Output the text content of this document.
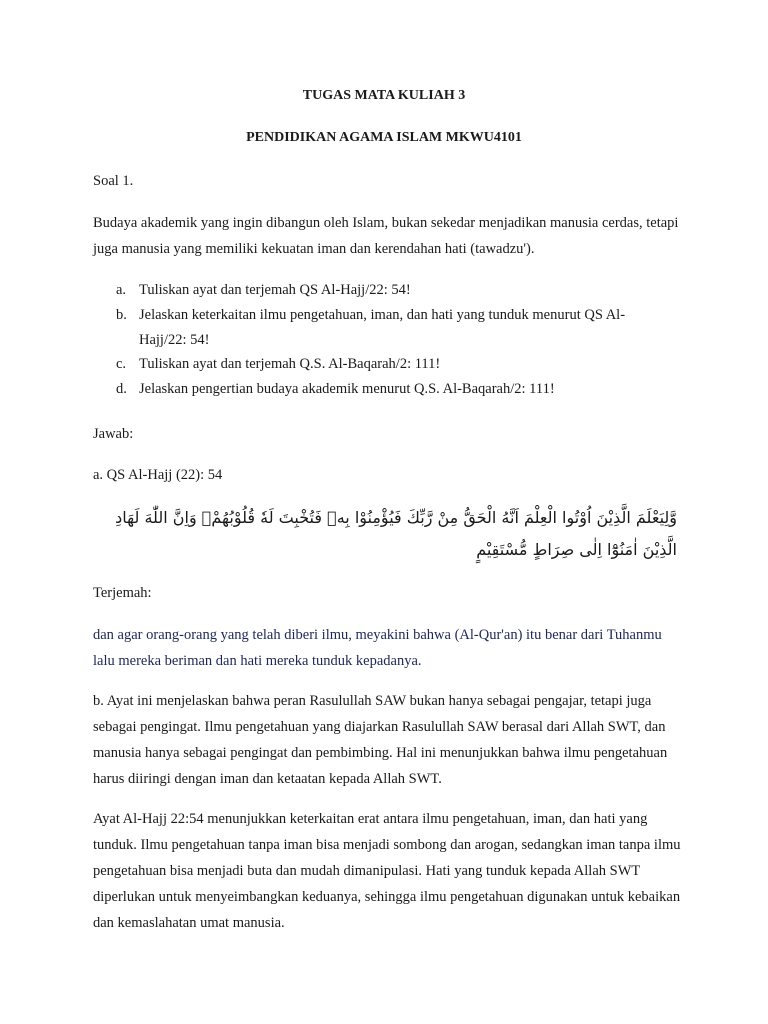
TUGAS MATA KULIAH 3
PENDIDIKAN AGAMA ISLAM MKWU4101
Soal 1.
Budaya akademik yang ingin dibangun oleh Islam, bukan sekedar menjadikan manusia cerdas, tetapi juga manusia yang memiliki kekuatan iman dan kerendahan hati (tawadzu').
a. Tuliskan ayat dan terjemah QS Al-Hajj/22: 54!
b. Jelaskan keterkaitan ilmu pengetahuan, iman, dan hati yang tunduk menurut QS Al-Hajj/22: 54!
c. Tuliskan ayat dan terjemah Q.S. Al-Baqarah/2: 111!
d. Jelaskan pengertian budaya akademik menurut Q.S. Al-Baqarah/2: 111!
Jawab:
a. QS Al-Hajj (22): 54
وَّلِيَعْلَمَ الَّذِيْنَ اُوْتُوا الْعِلْمَ اَنَّهُ الْحَقُّ مِنْ رَّبِّكَ فَيُؤْمِنُوْا بِهٖ فَتُخْبِتَ لَهٗ قُلُوْبُهُمْۗ وَاِنَّ اللّٰهَ لَهَادِ الَّذِيْنَ اٰمَنُوْٓا اِلٰى صِرَاطٍ مُّسْتَقِيْمٍ
Terjemah:
dan agar orang-orang yang telah diberi ilmu, meyakini bahwa (Al-Qur'an) itu benar dari Tuhanmu lalu mereka beriman dan hati mereka tunduk kepadanya.
b. Ayat ini menjelaskan bahwa peran Rasulullah SAW bukan hanya sebagai pengajar, tetapi juga sebagai pengingat. Ilmu pengetahuan yang diajarkan Rasulullah SAW berasal dari Allah SWT, dan manusia hanya sebagai pengingat dan pembimbing. Hal ini menunjukkan bahwa ilmu pengetahuan harus diiringi dengan iman dan ketaatan kepada Allah SWT.
Ayat Al-Hajj 22:54 menunjukkan keterkaitan erat antara ilmu pengetahuan, iman, dan hati yang tunduk. Ilmu pengetahuan tanpa iman bisa menjadi sombong dan arogan, sedangkan iman tanpa ilmu pengetahuan bisa menjadi buta dan mudah dimanipulasi. Hati yang tunduk kepada Allah SWT diperlukan untuk menyeimbangkan keduanya, sehingga ilmu pengetahuan digunakan untuk kebaikan dan kemaslahatan umat manusia.
